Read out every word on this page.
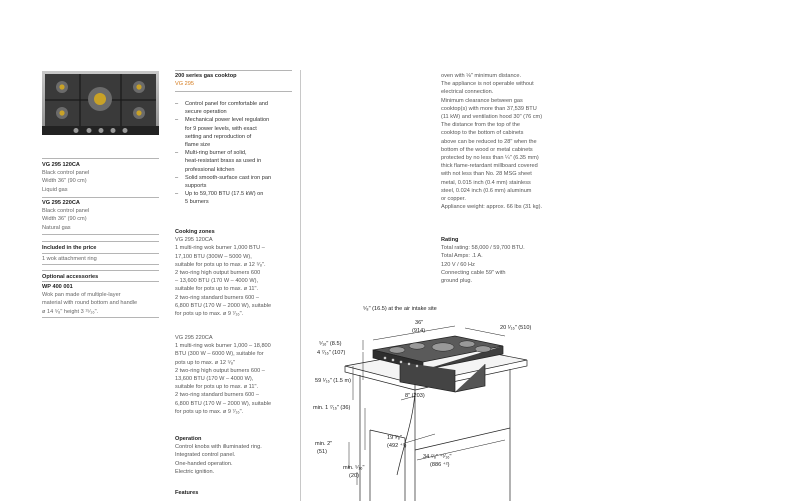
VG 295 120CA
Black control panel
Width 36" (90 cm)
Liquid gas
VG 295 220CA
Black control panel
Width 36" (90 cm)
Natural gas
Included in the price
1 wok attachment ring
Optional accessories
WP 400 001
Wok pan made of multiple-layer
material with round bottom and handle
ø 14 ⁵⁄₈" height 3 ¹⁵⁄₁₆".
200 series gas cooktop
VG 295
– Control panel for comfortable and
secure operation
– Mechanical power level regulation
for 9 power levels, with exact
setting and reproduction of
flame size
– Multi-ring burner of solid,
heat-resistant brass as used in
professional kitchen
– Solid smooth-surface cast iron pan
supports
– Up to 59,700 BTU (17.5 kW) on
5 burners
Cooking zones
VG 295 120CA
1 multi-ring wok burner 1,000 BTU –
17,100 BTU (300W – 5000 W),
suitable for pots up to max. ø 12 ⁵⁄₈".
2 two-ring high output burners 600
– 13,600 BTU (170 W – 4000 W),
suitable for pots up to max. ø 11".
2 two-ring standard burners 600 –
6,800 BTU (170 W – 2000 W), suitable
for pots up to max. ø 9 ⁷⁄₁₆".
VG 295 220CA
1 multi-ring wok burner 1,000 – 18,800
BTU (300 W – 6000 W), suitable for
pots up to max. ø 12 ⁵⁄₈"
2 two-ring high output burners 600 –
13,600 BTU (170 W – 4000 W),
suitable for pots up to max. ø 11".
2 two-ring standard burners 600 –
6,800 BTU (170 W – 2000 W), suitable
for pots up to max. ø 9 ⁷⁄₁₆".
Operation
Control knobs with illuminated ring.
Integrated control panel.
One-handed operation.
Electric ignition.
Features
oven with ⅛" minimum distance.
The appliance is not operable without
electrical connection.
Minimum clearance between gas
cooktop(s) with more than 37,539 BTU
(11 kW) and ventilation hood 30" (76 cm)
The distance from the top of the
cooktop to the bottom of cabinets
above can be reduced to 28" when the
bottom of the wood or metal cabinets
protected by no less than ¼" (6.35 mm)
thick flame-retardant millboard covered
with not less than No. 28 MSG sheet
metal, 0.015 inch (0.4 mm) stainless
steel, 0.024 inch (0.6 mm) aluminum
or copper.
Appliance weight: approx. 66 lbs (31 kg).
Rating
Total rating: 58,000 / 59,700 BTU.
Total Amps: .1 A.
120 V / 60 Hz
Connecting cable 59" with
ground plug.
⁵⁄₈" (16.5) at the air intake site
36"
(914)	20 ¹⁄₁₆" (510)
⁵⁄₁₆" (8.5)
4 ⁷⁄₁₆" (107)
59 ¹⁄₁₆" (1.5 m)
8" (203)
min. 1 ⁷⁄₁₆" (36)
19 ³⁄₈"
(492 ⁺²)
min. 2"
(51)
34 ⁷⁄₈" ⁺¹⁄₁₆"
(886 ⁺²)
min. ⁵⁄₁₆"
(20)
